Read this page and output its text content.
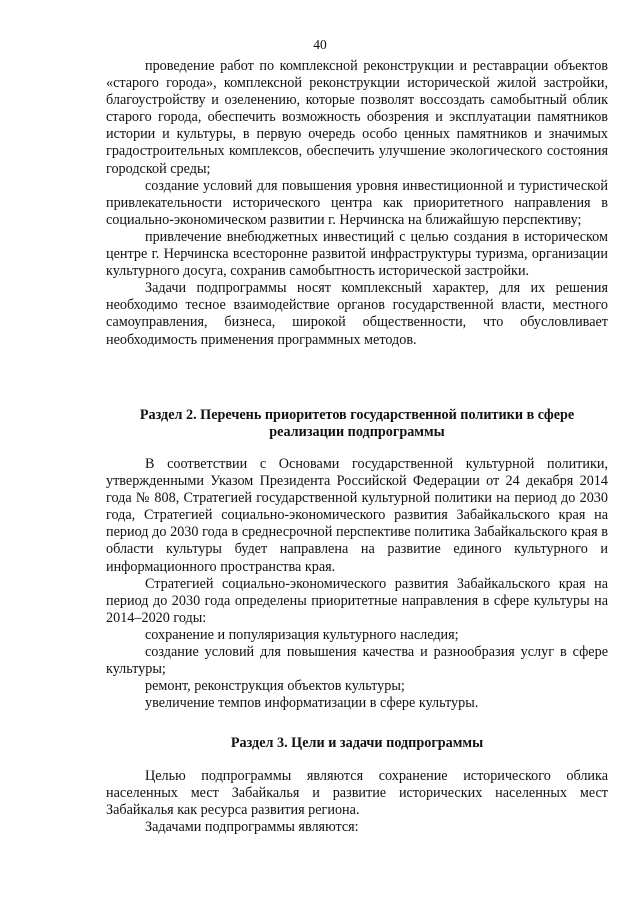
40

проведение работ по комплексной реконструкции и реставрации объектов «старого города», комплексной реконструкции исторической жилой застройки, благоустройству и озеленению, которые позволят воссоздать самобытный облик старого города, обеспечить возможность обозрения и эксплуатации памятников истории и культуры, в первую очередь особо ценных памятников и значимых градостроительных комплексов, обеспечить улучшение экологического состояния городской среды;

создание условий для повышения уровня инвестиционной и туристической привлекательности исторического центра как приоритетного направления в социально-экономическом развитии г. Нерчинска на ближайшую перспективу;

привлечение внебюджетных инвестиций с целью создания в историческом центре г. Нерчинска всесторонне развитой инфраструктуры туризма, организации культурного досуга, сохранив самобытность исторической застройки.

Задачи подпрограммы носят комплексный характер, для их решения необходимо тесное взаимодействие органов государственной власти, местного самоуправления, бизнеса, широкой общественности, что обусловливает необходимость применения программных методов.

Раздел 2. Перечень приоритетов государственной политики в сфере

реализации подпрограммы

В соответствии с Основами государственной культурной политики, утвержденными Указом Президента Российской Федерации от 24 декабря 2014 года № 808, Стратегией государственной культурной политики на период до 2030 года, Стратегией социально-экономического развития Забайкальского края на период до 2030 года в среднесрочной перспективе политика Забайкальского края в области культуры будет направлена на развитие единого культурного и информационного пространства края.

Стратегией социально-экономического развития Забайкальского края на период до 2030 года определены приоритетные направления в сфере культуры на 2014–2020 годы:

сохранение и популяризация культурного наследия;

создание условий для повышения качества и разнообразия услуг в сфере культуры;

ремонт, реконструкция объектов культуры;

увеличение темпов информатизации в сфере культуры.

Раздел 3. Цели и задачи подпрограммы

Целью подпрограммы являются сохранение исторического облика населенных мест Забайкалья и развитие исторических населенных мест Забайкалья как ресурса развития региона.

Задачами подпрограммы являются:
